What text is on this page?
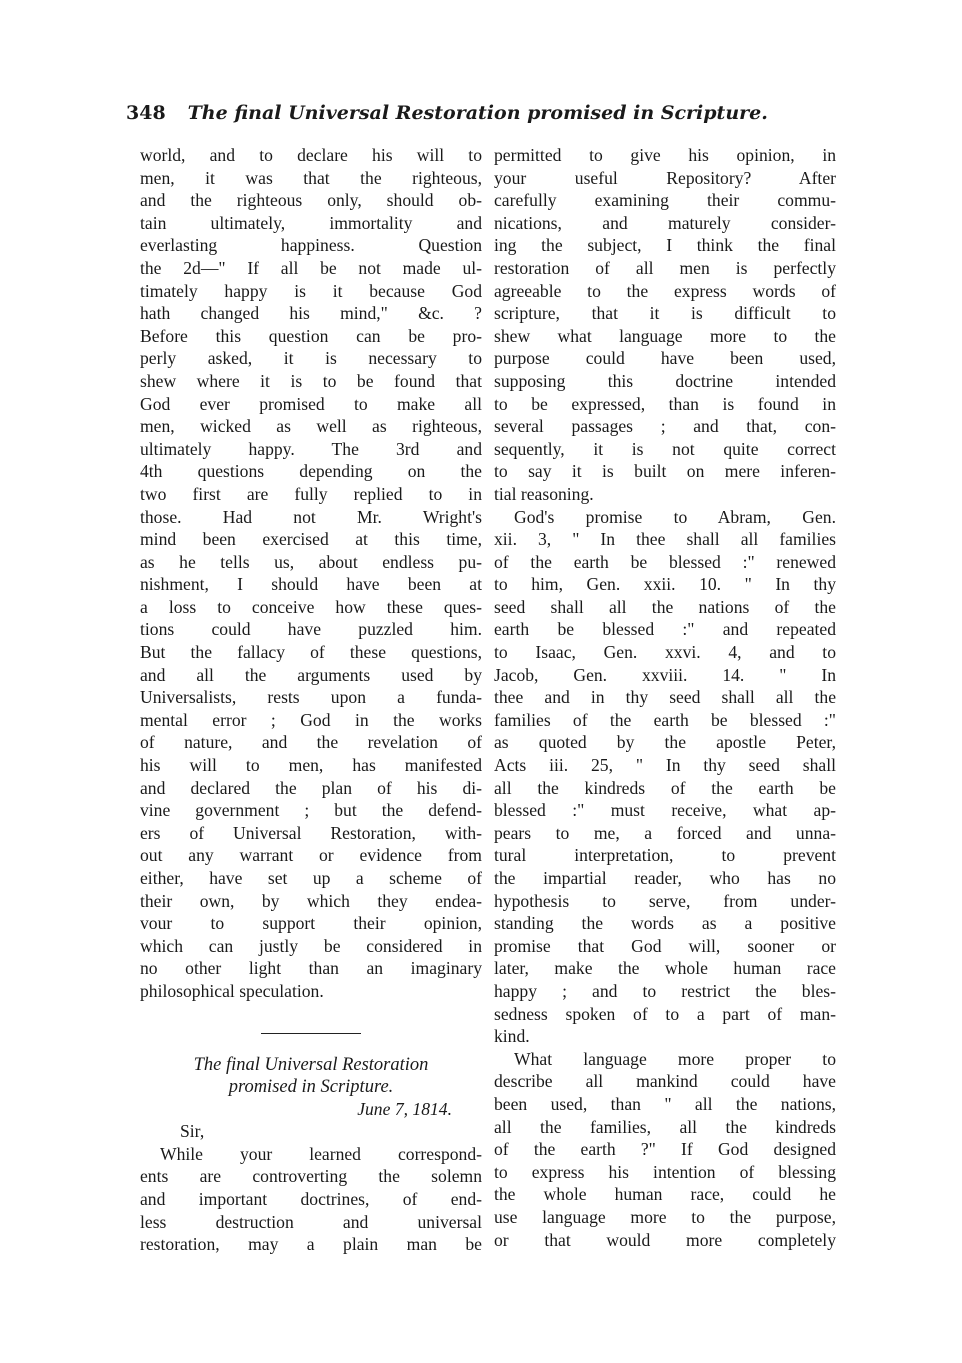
348 The final Universal Restoration promised in Scripture.

world, and to declare his will to

men, it was that the righteous,

and the righteous only, should ob-

tain ultimately, immortality and

everlasting happiness. Question

the 2d—" If all be not made ul-

timately happy is it because God

hath changed his mind," &c. ?

Before this question can be pro-

perly asked, it is necessary to

shew where it is to be found that

God ever promised to make all

men, wicked as well as righteous,

ultimately happy. The 3rd and

4th questions depending on the

two first are fully replied to in

those. Had not Mr. Wright's

mind been exercised at this time,

as he tells us, about endless pu-

nishment, I should have been at

a loss to conceive how these ques-

tions could have puzzled him.

But the fallacy of these questions,

and all the arguments used by

Universalists, rests upon a funda-

mental error ; God in the works

of nature, and the revelation of

his will to men, has manifested

and declared the plan of his di-

vine government ; but the defend-

ers of Universal Restoration, with-

out any warrant or evidence from

either, have set up a scheme of

their own, by which they endea-

vour to support their opinion,

which can justly be considered in

no other light than an imaginary

philosophical speculation.

The final Universal Restoration
promised in Scripture.

June 7, 1814.

Sir,

While your learned correspond-

ents are controverting the solemn

and important doctrines, of end-

less destruction and universal

restoration, may a plain man be

permitted to give his opinion, in

your useful Repository? After

carefully examining their commu-

nications, and maturely consider-

ing the subject, I think the final

restoration of all men is perfectly

agreeable to the express words of

scripture, that it is difficult to

shew what language more to the

purpose could have been used,

supposing this doctrine intended

to be expressed, than is found in

several passages ; and that, con-

sequently, it is not quite correct

to say it is built on mere inferen-

tial reasoning.

God's promise to Abram, Gen.

xii. 3, " In thee shall all families

of the earth be blessed :" renewed

to him, Gen. xxii. 10. " In thy

seed shall all the nations of the

earth be blessed :" and repeated

to Isaac, Gen. xxvi. 4, and to

Jacob, Gen. xxviii. 14. " In

thee and in thy seed shall all the

families of the earth be blessed :"

as quoted by the apostle Peter,

Acts iii. 25, " In thy seed shall

all the kindreds of the earth be

blessed :" must receive, what ap-

pears to me, a forced and unna-

tural interpretation, to prevent

the impartial reader, who has no

hypothesis to serve, from under-

standing the words as a positive

promise that God will, sooner or

later, make the whole human race

happy ; and to restrict the bles-

sedness spoken of to a part of man-

kind.

What language more proper to

describe all mankind could have

been used, than " all the nations,

all the families, all the kindreds

of the earth ?" If God designed

to express his intention of blessing

the whole human race, could he

use language more to the purpose,

or that would more completely
